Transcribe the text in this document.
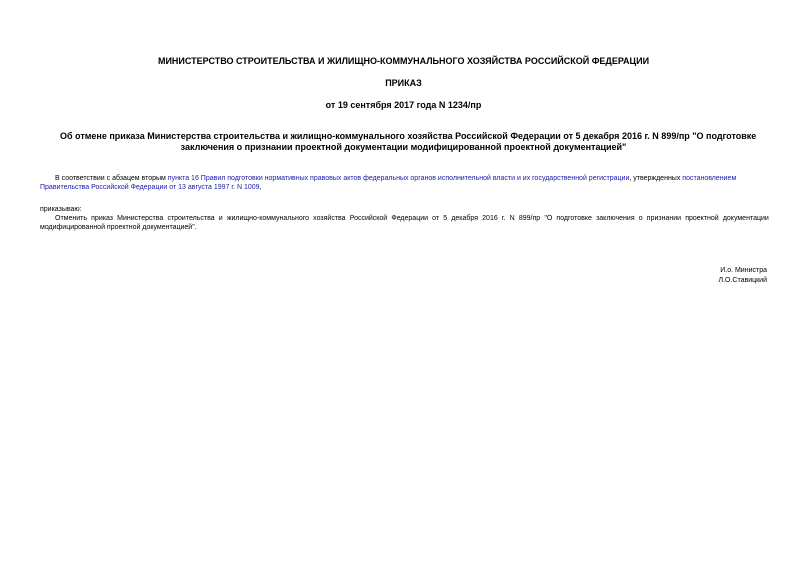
МИНИСТЕРСТВО СТРОИТЕЛЬСТВА И ЖИЛИЩНО-КОММУНАЛЬНОГО ХОЗЯЙСТВА РОССИЙСКОЙ ФЕДЕРАЦИИ
ПРИКАЗ
от 19 сентября 2017 года N 1234/пр
Об отмене приказа Министерства строительства и жилищно-коммунального хозяйства Российской Федерации от 5 декабря 2016 г. N 899/пр "О подготовке
заключения о признании проектной документации модифицированной проектной документацией"
В соответствии с абзацем вторым пункта 16 Правил подготовки нормативных правовых актов федеральных органов исполнительной власти и их государственной регистрации, утвержденных постановлением
Правительства Российской Федерации от 13 августа 1997 г. N 1009,
приказываю:
Отменить приказ Министерства строительства и жилищно-коммунального хозяйства Российской Федерации от 5 декабря 2016 г. N 899/пр "О подготовке заключения о признании проектной документации
модифицированной проектной документацией".
И.о. Министра
Л.О.Ставицкий
